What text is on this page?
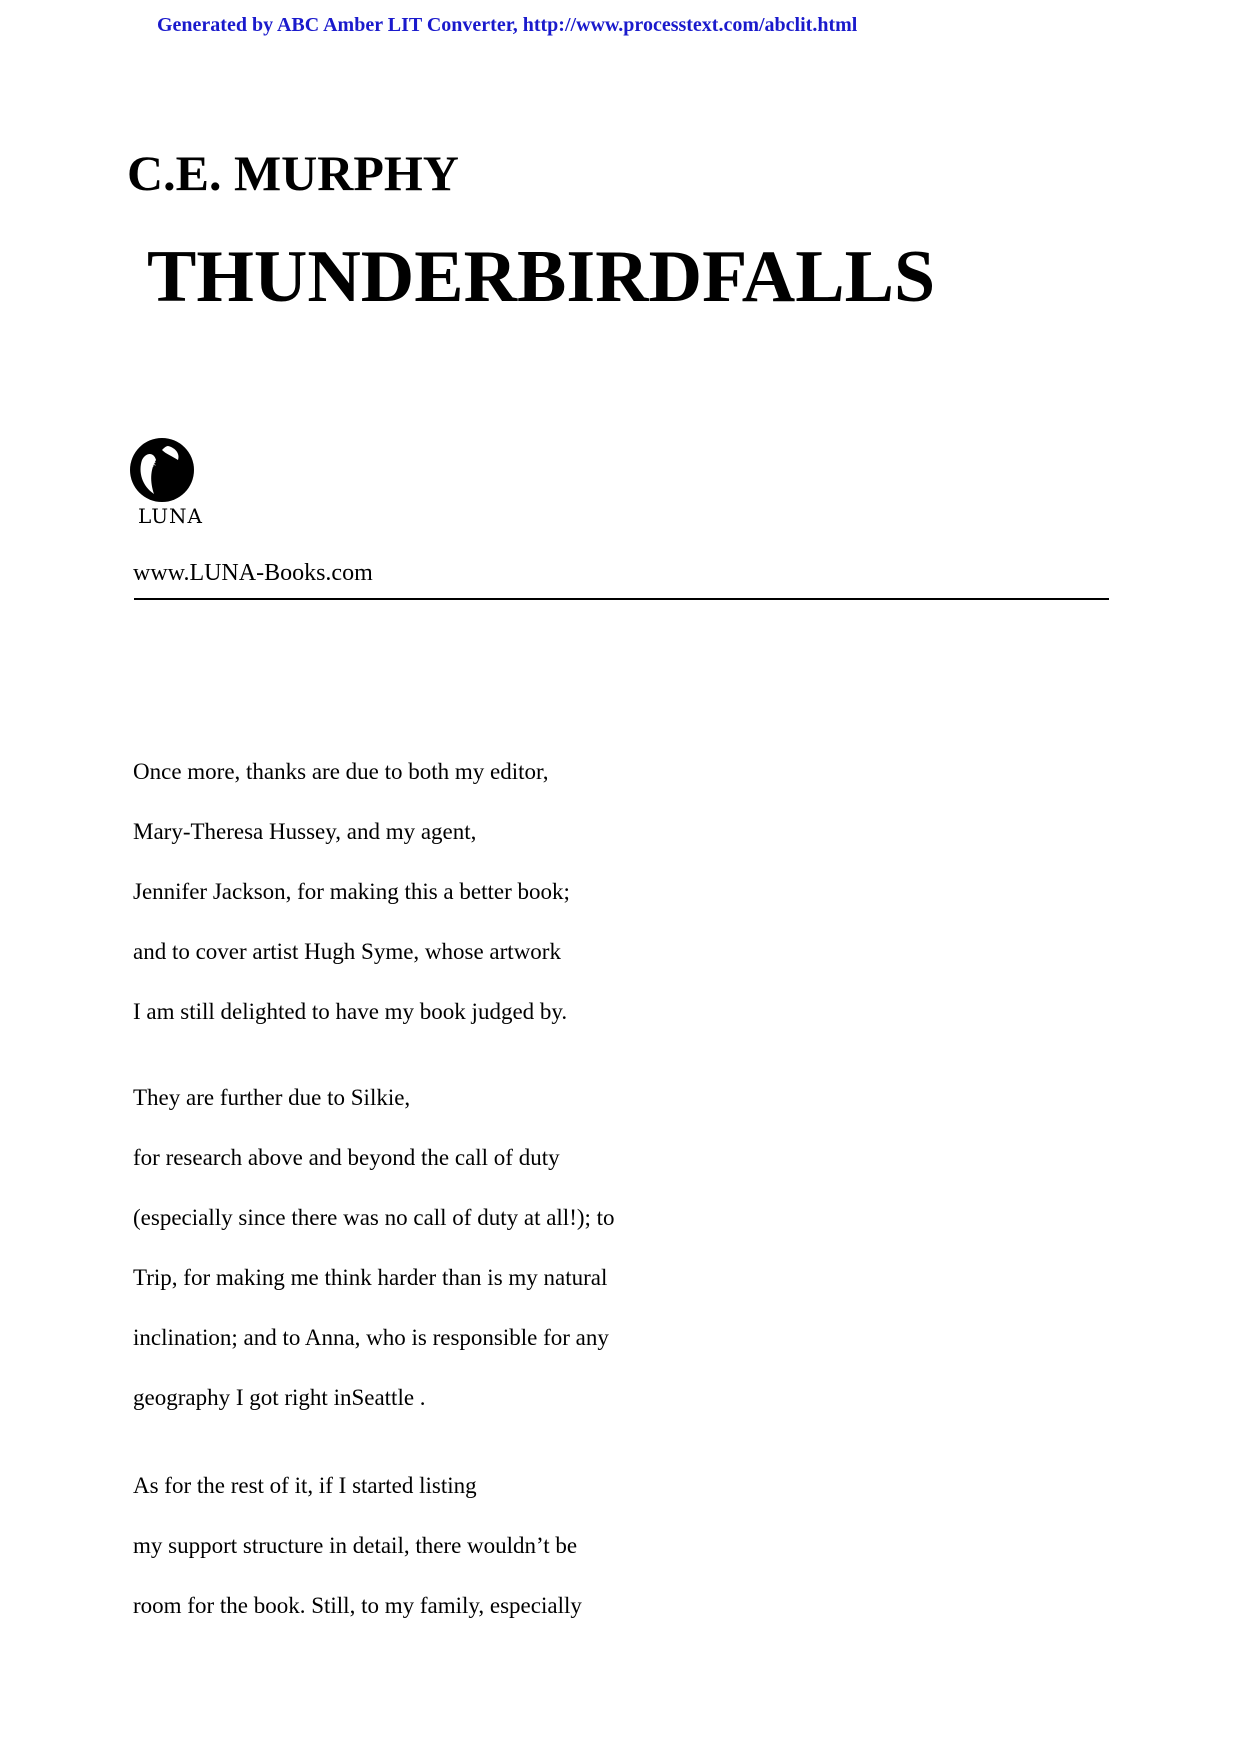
Generated by ABC Amber LIT Converter, http://www.processtext.com/abclit.html
C.E. MURPHY
THUNDERBIRDFALLS
*
LUNA
www.LUNA-Books.com

Once more, thanks are due to both my editor,
Mary-Theresa Hussey, and my agent,
Jennifer Jackson, for making this a better book;
and to cover artist Hugh Syme, whose artwork
I am still delighted to have my book judged by.

They are further due to Silkie,
for research above and beyond the call of duty
(especially since there was no call of duty at all!); to
Trip, for making me think harder than is my natural
inclination; and to Anna, who is responsible for any
geography I got right inSeattle .

As for the rest of it, if I started listing
my support structure in detail, there wouldn’t be
room for the book. Still, to my family, especially
